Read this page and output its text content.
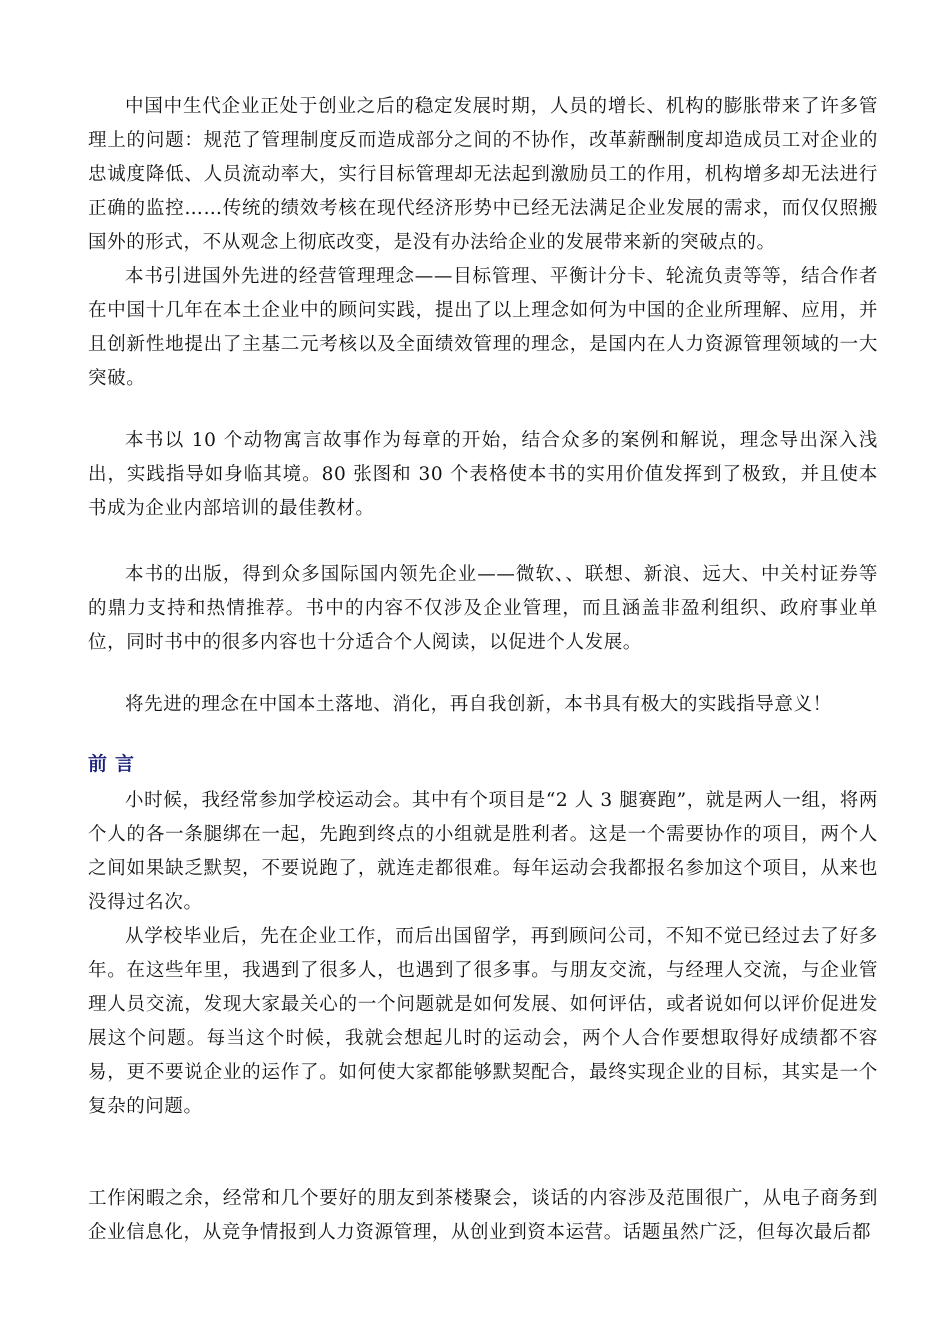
中国中生代企业正处于创业之后的稳定发展时期，人员的增长、机构的膨胀带来了许多管理上的问题：规范了管理制度反而造成部分之间的不协作，改革薪酬制度却造成员工对企业的忠诚度降低、人员流动率大，实行目标管理却无法起到激励员工的作用，机构增多却无法进行正确的监控……传统的绩效考核在现代经济形势中已经无法满足企业发展的需求，而仅仅照搬国外的形式，不从观念上彻底改变，是没有办法给企业的发展带来新的突破点的。

本书引进国外先进的经营管理理念——目标管理、平衡计分卡、轮流负责等等，结合作者在中国十几年在本土企业中的顾问实践，提出了以上理念如何为中国的企业所理解、应用，并且创新性地提出了主基二元考核以及全面绩效管理的理念，是国内在人力资源管理领域的一大突破。

本书以 10 个动物寓言故事作为每章的开始，结合众多的案例和解说，理念导出深入浅出，实践指导如身临其境。80 张图和 30 个表格使本书的实用价值发挥到了极致，并且使本书成为企业内部培训的最佳教材。

本书的出版，得到众多国际国内领先企业——微软、、联想、新浪、远大、中关村证券等的鼎力支持和热情推荐。书中的内容不仅涉及企业管理，而且涵盖非盈利组织、政府事业单位，同时书中的很多内容也十分适合个人阅读，以促进个人发展。

将先进的理念在中国本土落地、消化，再自我创新，本书具有极大的实践指导意义！

前言

小时候，我经常参加学校运动会。其中有个项目是“2 人 3 腿赛跑”，就是两人一组，将两个人的各一条腿绑在一起，先跑到终点的小组就是胜利者。这是一个需要协作的项目，两个人之间如果缺乏默契，不要说跑了，就连走都很难。每年运动会我都报名参加这个项目，从来也没得过名次。

从学校毕业后，先在企业工作，而后出国留学，再到顾问公司，不知不觉已经过去了好多年。在这些年里，我遇到了很多人，也遇到了很多事。与朋友交流，与经理人交流，与企业管理人员交流，发现大家最关心的一个问题就是如何发展、如何评估，或者说如何以评价促进发展这个问题。每当这个时候，我就会想起儿时的运动会，两个人合作要想取得好成绩都不容易，更不要说企业的运作了。如何使大家都能够默契配合，最终实现企业的目标，其实是一个复杂的问题。

工作闲暇之余，经常和几个要好的朋友到茶楼聚会，谈话的内容涉及范围很广，从电子商务到企业信息化，从竞争情报到人力资源管理，从创业到资本运营。话题虽然广泛，但每次最后都
